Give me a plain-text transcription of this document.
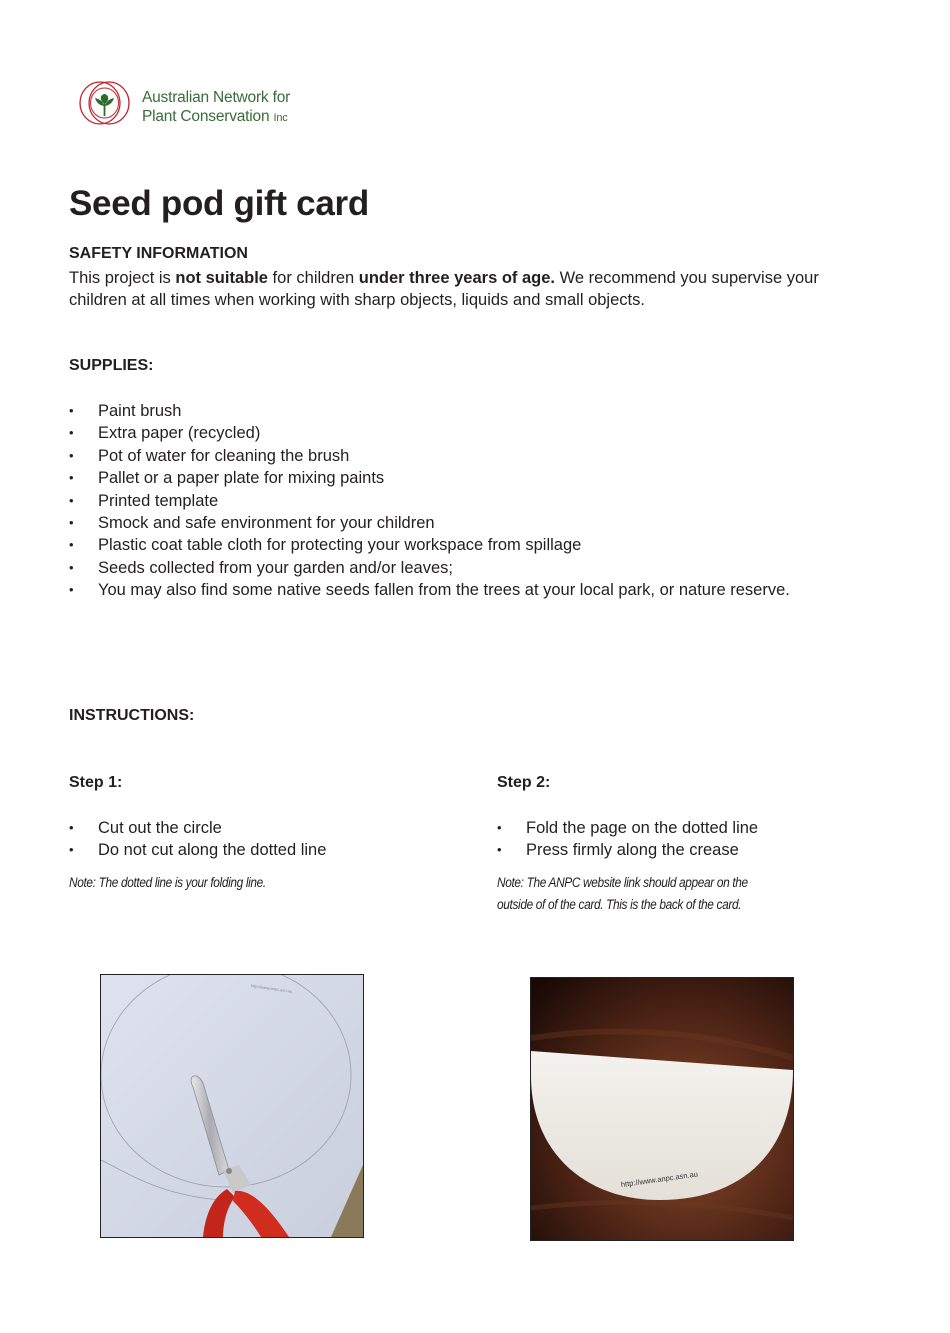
Australian Network for
Plant Conservation Inc
Seed pod gift card
SAFETY INFORMATION
This project is not suitable for children under three years of age. We recommend you supervise your children at all times when working with sharp objects, liquids and small objects.
SUPPLIES:
• Paint brush
• Extra paper (recycled)
• Pot of water for cleaning the brush
• Pallet or a paper plate for mixing paints
• Printed template
• Smock and safe environment for your children
• Plastic coat table cloth for protecting your workspace from spillage
• Seeds collected from your garden and/or leaves;
• You may also find some native seeds fallen from the trees at your local park, or nature reserve.
INSTRUCTIONS:
Step 1:
• Cut out the circle
• Do not cut along the dotted line
Note: The dotted line is your folding line.
Step 2:
• Fold the page on the dotted line
• Press firmly along the crease
Note: The ANPC website link should appear on the
outside of of the card. This is the back of the card.
http://www.anpc.asn.au
http://www.anpc.asn.au
